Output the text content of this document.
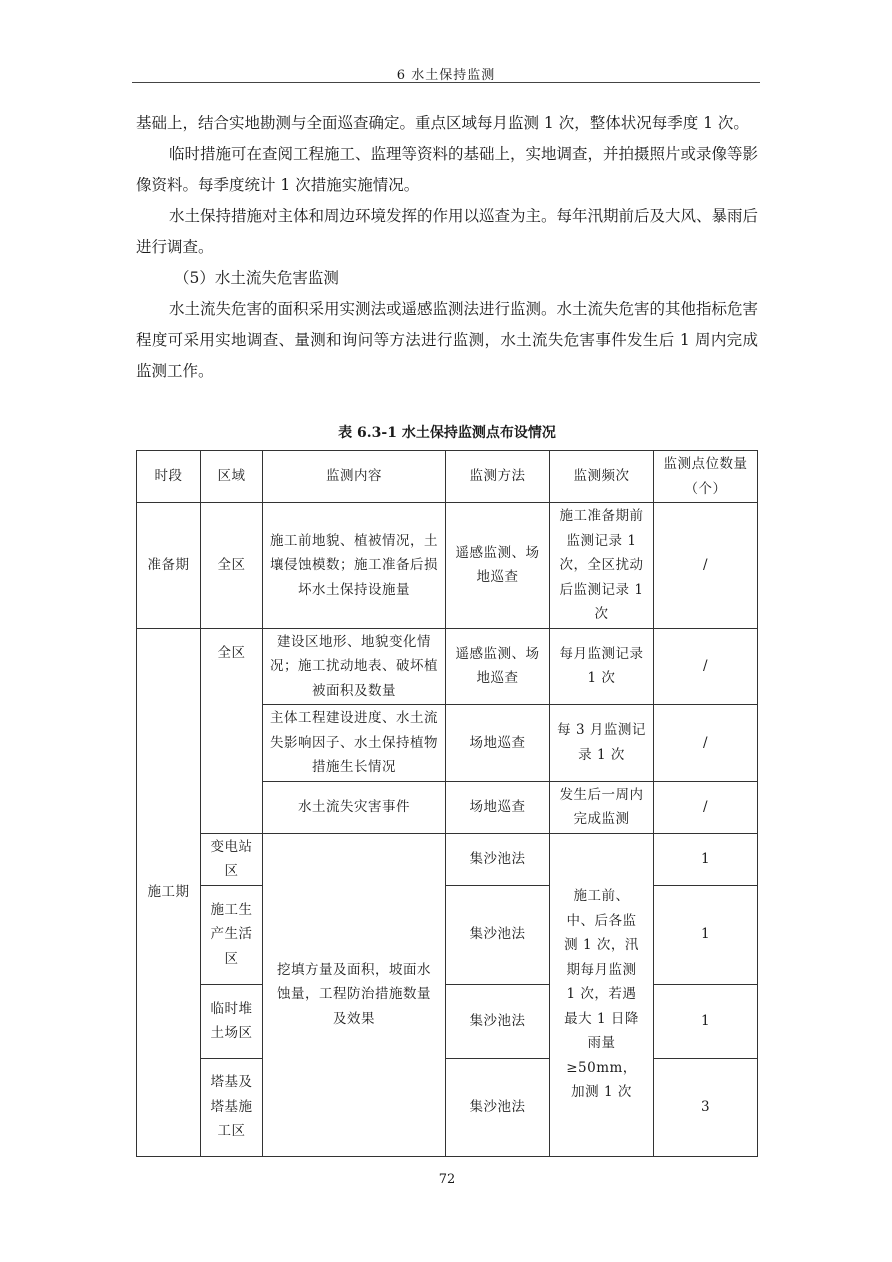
6 水土保持监测

基础上，结合实地勘测与全面巡查确定。重点区域每月监测 1 次，整体状况每季度 1 次。

临时措施可在查阅工程施工、监理等资料的基础上，实地调查，并拍摄照片或录像等影像资料。每季度统计 1 次措施实施情况。

水土保持措施对主体和周边环境发挥的作用以巡查为主。每年汛期前后及大风、暴雨后进行调查。

（5）水土流失危害监测

水土流失危害的面积采用实测法或遥感监测法进行监测。水土流失危害的其他指标危害程度可采用实地调查、量测和询问等方法进行监测，水土流失危害事件发生后 1 周内完成监测工作。

表 6.3-1 水土保持监测点布设情况
时段	区域	监测内容	监测方法	监测频次	监测点位数量（个）
准备期	全区	施工前地貌、植被情况，土壤侵蚀模数；施工准备后损坏水土保持设施量	遥感监测、场地巡查	施工准备期前监测记录 1 次，全区扰动后监测记录 1 次	/
施工期	全区	建设区地形、地貌变化情况；施工扰动地表、破坏植被面积及数量	遥感监测、场地巡查	每月监测记录 1 次	/
		主体工程建设进度、水土流失影响因子、水土保持植物措施生长情况	场地巡查	每 3 月监测记录 1 次	/
		水土流失灾害事件	场地巡查	发生后一周内完成监测	/
	变电站区	挖填方量及面积，坡面水蚀量，工程防治措施数量及效果	集沙池法	施工前、中、后各监测 1 次，汛期每月监测 1 次，若遇最大 1 日降雨量≥50mm，加测 1 次	1
	施工生产生活区		集沙池法		1
	临时堆土场区		集沙池法		1
	塔基及塔基施工区		集沙池法		3
72
